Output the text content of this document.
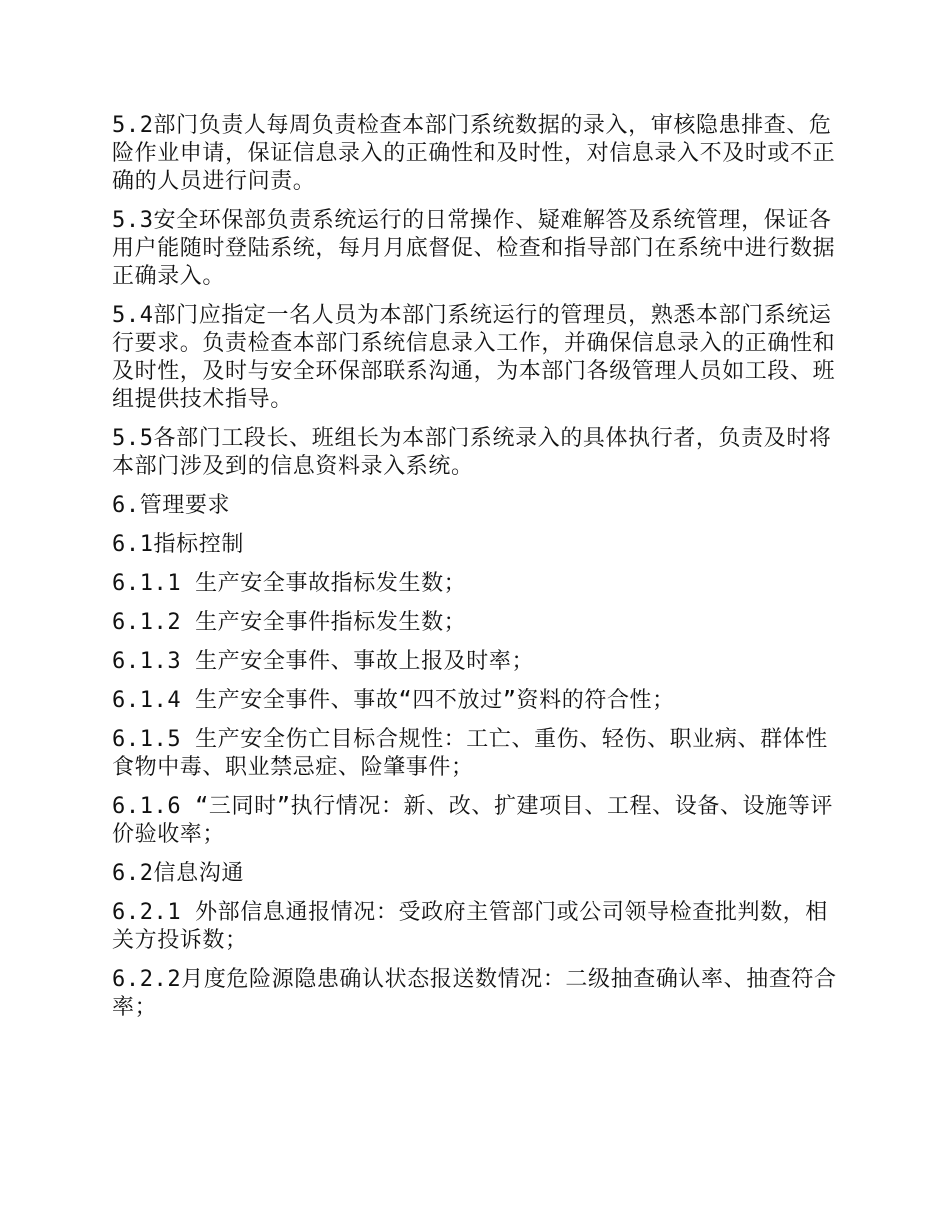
5.2部门负责人每周负责检查本部门系统数据的录入，审核隐患排查、危险作业申请，保证信息录入的正确性和及时性，对信息录入不及时或不正确的人员进行问责。

5.3安全环保部负责系统运行的日常操作、疑难解答及系统管理，保证各用户能随时登陆系统，每月月底督促、检查和指导部门在系统中进行数据正确录入。

5.4部门应指定一名人员为本部门系统运行的管理员，熟悉本部门系统运行要求。负责检查本部门系统信息录入工作，并确保信息录入的正确性和及时性，及时与安全环保部联系沟通，为本部门各级管理人员如工段、班组提供技术指导。

5.5各部门工段长、班组长为本部门系统录入的具体执行者，负责及时将本部门涉及到的信息资料录入系统。

6.管理要求

6.1指标控制

6.1.1 生产安全事故指标发生数；

6.1.2 生产安全事件指标发生数；

6.1.3 生产安全事件、事故上报及时率；

6.1.4 生产安全事件、事故“四不放过”资料的符合性；

6.1.5 生产安全伤亡目标合规性：工亡、重伤、轻伤、职业病、群体性食物中毒、职业禁忌症、险肇事件；

6.1.6 “三同时”执行情况：新、改、扩建项目、工程、设备、设施等评价验收率；

6.2信息沟通

6.2.1 外部信息通报情况：受政府主管部门或公司领导检查批判数，相关方投诉数；

6.2.2月度危险源隐患确认状态报送数情况：二级抽查确认率、抽查符合率；
